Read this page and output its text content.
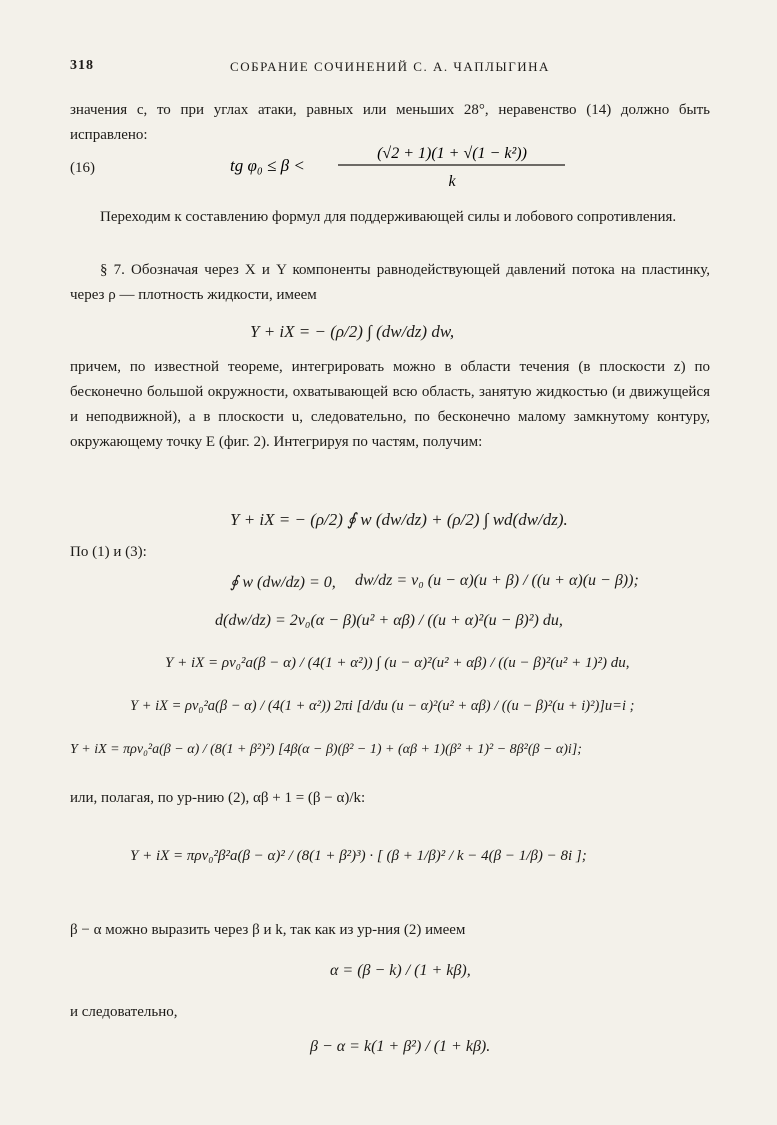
318	СОБРАНИЕ СОЧИНЕНИЙ С. А. ЧАПЛЫГИНА
значения c, то при углах атаки, равных или меньших 28°, неравенство (14) должно быть исправлено:
(16)	tg φ₀ ≤ β <
(√2 + 1)(1 + √(1 − k²))
k
Переходим к составлению формул для поддерживающей силы и лобового сопротивления.
§ 7. Обозначая через X и Y компоненты равнодействующей давлений потока на пластинку, через ρ — плотность жидкости, имеем
Y + iX = − (ρ/2) ∫ (dw/dz) dw,
причем, по известной теореме, интегрировать можно в области течения (в плоскости z) по бесконечно большой окружности, охватывающей всю область, занятую жидкостью (и движущейся и неподвижной), а в плоскости u, следовательно, по бесконечно малому замкнутому контуру, окружающему точку E (фиг. 2). Интегрируя по частям, получим:
Y + iX = − (ρ/2) ∮ w (dw/dz) + (ρ/2) ∫ wd(dw/dz).
По (1) и (3):
∮ w (dw/dz) = 0, dw/dz = v₀ (u − α)(u + β) / ((u + α)(u − β));
d(dw/dz) = 2v₀(α − β)(u² + αβ) / ((u + α)²(u − β)²) du,
Y + iX = ρv₀²a(β − α) / (4(1 + α²)) ∫ (u − α)²(u² + αβ) / ((u − β)²(u² + 1)²) du,
Y + iX = ρv₀²a(β − α) / (4(1 + α²)) 2πi [d/du (u − α)²(u² + αβ) / ((u − β)²(u + i)²)]u=i ;
Y + iX = πρv₀²a(β − α) / (8(1 + β²)²) [4β(α − β)(β² − 1) + (αβ + 1)(β² + 1)² − 8β²(β − α)i];
или, полагая, по ур-нию (2), αβ + 1 = (β − α)/k:
Y + iX = πρv₀²β²a(β − α)² / (8(1 + β²)³) · [ (β + 1/β)² / k − 4(β − 1/β) − 8i ];
β − α можно выразить через β и k, так как из ур-ния (2) имеем
α = (β − k) / (1 + kβ),
и следовательно,
β − α = k(1 + β²) / (1 + kβ).
